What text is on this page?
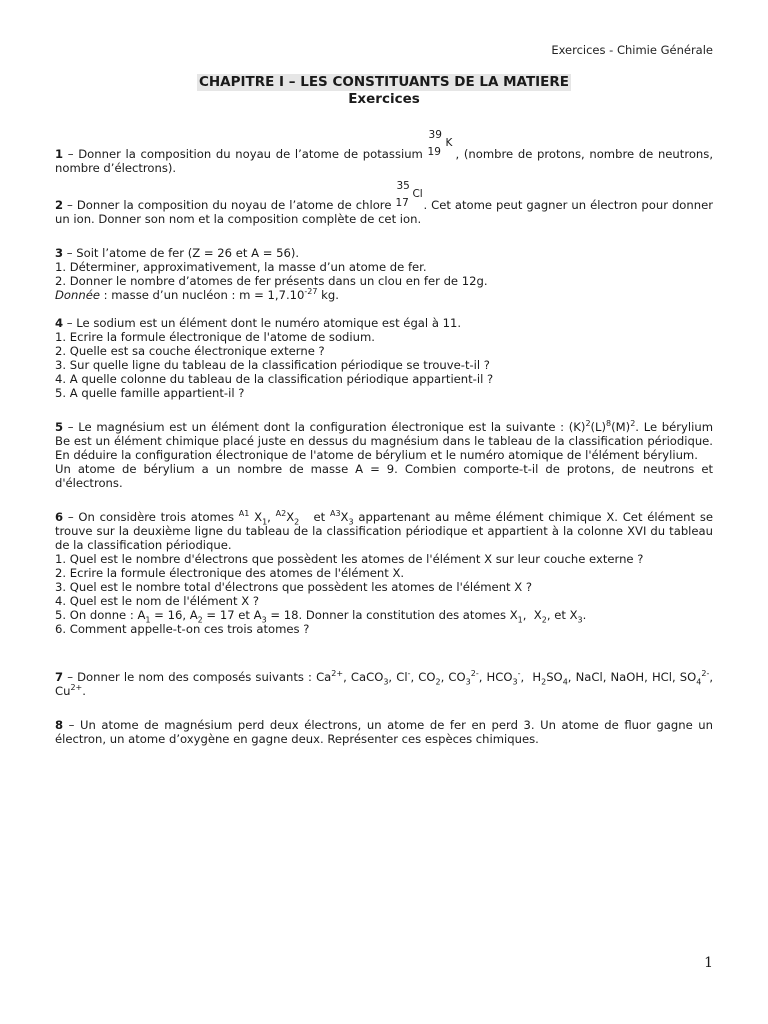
Exercices - Chimie Générale
CHAPITRE I – LES CONSTITUANTS DE LA MATIERE
Exercices

1 – Donner la composition du noyau de l’atome de potassium
39
19
K
, (nombre de protons, nombre de neutrons, nombre d’électrons).

2 – Donner la composition du noyau de l’atome de chlore
35
17
Cl
. Cet atome peut gagner un électron pour donner un ion. Donner son nom et la composition complète de cet ion.

3 – Soit l’atome de fer (Z = 26 et A = 56).

1. Déterminer, approximativement, la masse d’un atome de fer.

2. Donner le nombre d’atomes de fer présents dans un clou en fer de 12g.

Donnée : masse d’un nucléon : $m = 1,7.10^{-27}$ kg.

4 – Le sodium est un élément dont le numéro atomique est égal à 11.

1. Ecrire la formule électronique de l'atome de sodium.

2. Quelle est sa couche électronique externe ?

3. Sur quelle ligne du tableau de la classification périodique se trouve-t-il ?

4. A quelle colonne du tableau de la classification périodique appartient-il ?

5. A quelle famille appartient-il ?

5 – Le magnésium est un élément dont la configuration électronique est la suivante : $(K)^2(L)^8(M)^2$. Le bérylium Be est un élément chimique placé juste en dessus du magnésium dans le tableau de la classification périodique. En déduire la configuration électronique de l'atome de bérylium et le numéro atomique de l'élément bérylium.

Un atome de bérylium a un nombre de masse A = 9. Combien comporte-t-il de protons, de neutrons et d'électrons.

6 – On considère trois atomes $^{A1}$ $X_1$, $^{A2}X_2$   et $^{A3}X_3$ appartenant au même élément chimique X. Cet élément se trouve sur la deuxième ligne du tableau de la classification périodique et appartient à la colonne XVI du tableau de la classification périodique.

1. Quel est le nombre d'électrons que possèdent les atomes de l'élément X sur leur couche externe ?

2. Ecrire la formule électronique des atomes de l'élément X.

3. Quel est le nombre total d'électrons que possèdent les atomes de l'élément X ?

4. Quel est le nom de l'élément X ?

5. On donne : $A_1 = 16$, $A_2 = 17$ et $A_3 = 18$. Donner la constitution des atomes $X_1$,  $X_2$, et $X_3$.

6. Comment appelle-t-on ces trois atomes ?

7 – Donner le nom des composés suivants : $Ca^{2+}$, CaCO$_3$, Cl-, $CO_2$, $CO_3^{2-}$, $HCO_3^-$,  $H_2SO_4$, NaCl, NaOH, HCl, $SO_4^{2-}$, $Cu^{2+}$.

8 – Un atome de magnésium perd deux électrons, un atome de fer en perd 3. Un atome de fluor gagne un électron, un atome d’oxygène en gagne deux. Représenter ces espèces chimiques.

1
